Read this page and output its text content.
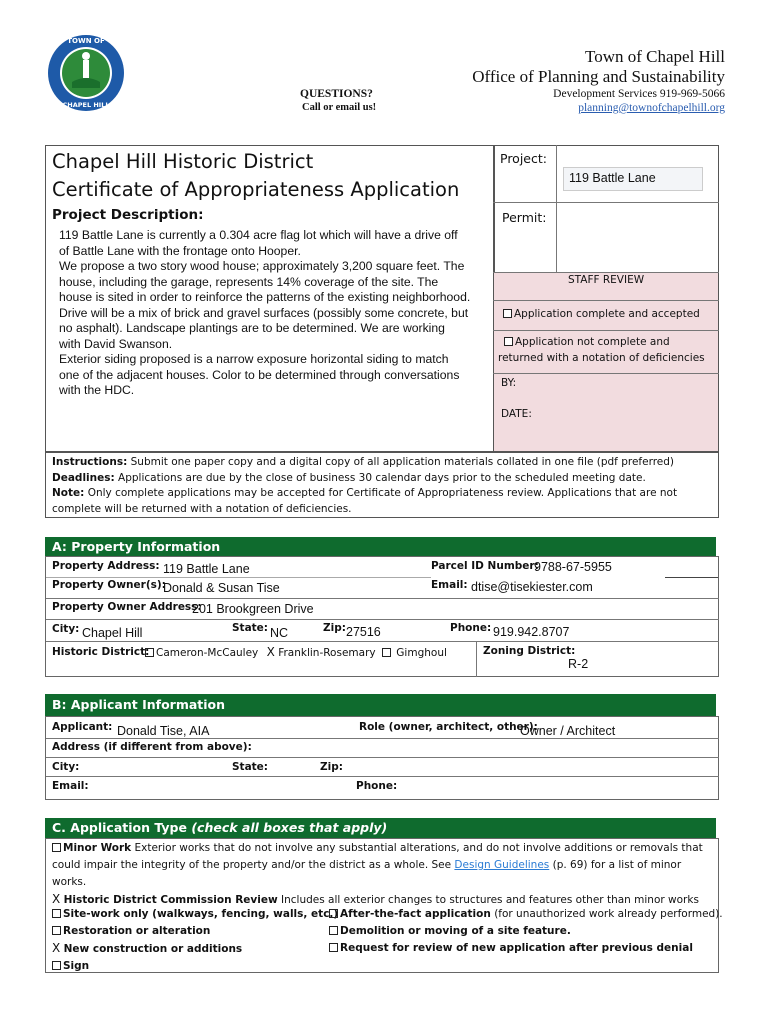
TOWN OF
CHAPEL HILL
QUESTIONS?
Call or email us!
Town of Chapel Hill
Office of Planning and Sustainability
Development Services 919-969-5066
planning@townofchapelhill.org
Chapel Hill Historic District
Certificate of Appropriateness Application
Project Description:
119 Battle Lane is currently a 0.304 acre flag lot which will have a drive off
of Battle Lane with the frontage onto Hooper.
We propose a two story wood house; approximately 3,200 square feet. The
house, including the garage, represents 14% coverage of the site. The
house is sited in order to reinforce the patterns of the existing neighborhood.
Drive will be a mix of brick and gravel surfaces (possibly some concrete, but
no asphalt). Landscape plantings are to be determined. We are working
with David Swanson.
Exterior siding proposed is a narrow exposure horizontal siding to match
one of the adjacent houses. Color to be determined through conversations
with the HDC.
Project:
119 Battle Lane
Permit:
STAFF REVIEW
Application complete and accepted
Application not complete and
returned with a notation of deficiencies
BY:
DATE:
Instructions: Submit one paper copy and a digital copy of all application materials collated in one file (pdf preferred)
Deadlines: Applications are due by the close of business 30 calendar days prior to the scheduled meeting date.
Note: Only complete applications may be accepted for Certificate of Appropriateness review. Applications that are not
complete will be returned with a notation of deficiencies.
A: Property Information
Property Address: 119 Battle Lane	Parcel ID Number:
9788-67-5955
Property Owner(s):
Donald & Susan Tise	Email: dtise@tisekiester.com
Property Owner Address:
201 Brookgreen Drive
City: Chapel Hill	State: NC	Zip: 27516	Phone: 919.942.8707
Historic District: Cameron-McCauley X Franklin-Rosemary Gimghoul	Zoning District:
R-2
B: Applicant Information
Applicant: Donald Tise, AIA	Role (owner, architect, other):
Owner / Architect
Address (if different from above):
City:	State:	Zip:
Email:	Phone:
C. Application Type (check all boxes that apply)
Minor Work Exterior works that do not involve any substantial alterations, and do not involve additions or removals that
could impair the integrity of the property and/or the district as a whole. See Design Guidelines (p. 69) for a list of minor works.
X Historic District Commission Review Includes all exterior changes to structures and features other than minor works
Site-work only (walkways, fencing, walls, etc.)
Restoration or alteration
X New construction or additions
Sign
After-the-fact application (for unauthorized work already performed).
Demolition or moving of a site feature.
Request for review of new application after previous denial
